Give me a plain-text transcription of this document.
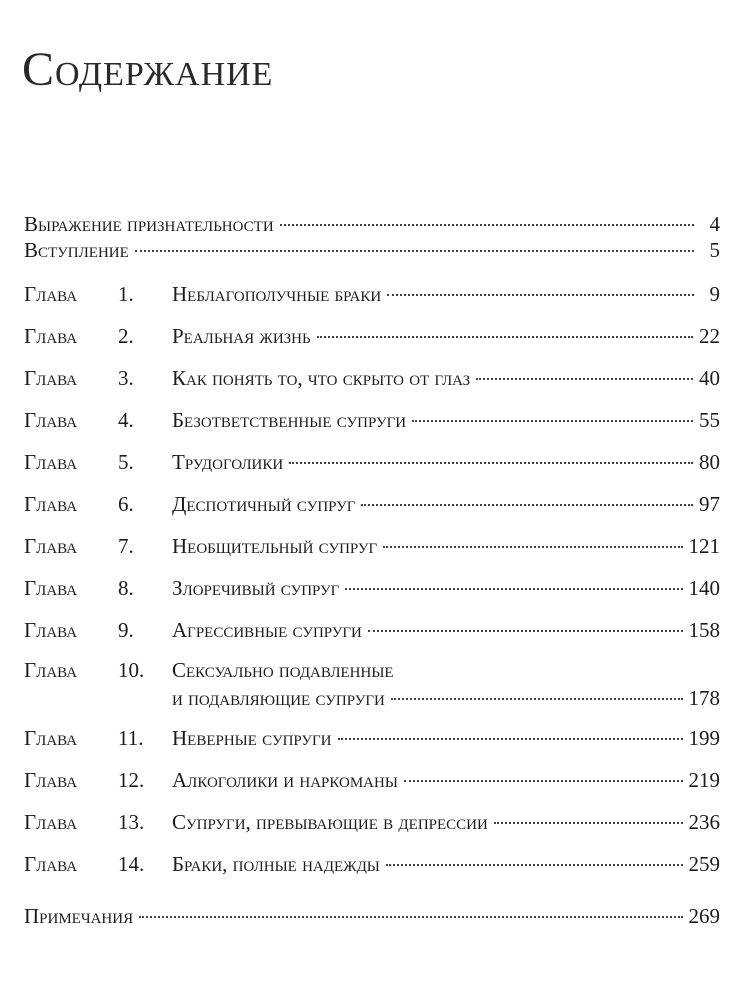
Содержание
Выражение признательности	4
Вступление	5
Глава	1.	Неблагополучные браки	9
Глава	2.	Реальная жизнь	22
Глава	3.	Как понять то, что скрыто от глаз	40
Глава	4.	Безответственные супруги	55
Глава	5.	Трудоголики	80
Глава	6.	Деспотичный супруг	97
Глава	7.	Необщительный супруг	121
Глава	8.	Злоречивый супруг	140
Глава	9.	Агрессивные супруги	158
Глава	10.	Сексуально подавленные
и подавляющие супруги	178
Глава	11.	Неверные супруги	199
Глава	12.	Алкоголики и наркоманы	219
Глава	13.	Супруги, превывающие в депрессии	236
Глава	14.	Браки, полные надежды	259
Примечания	269
